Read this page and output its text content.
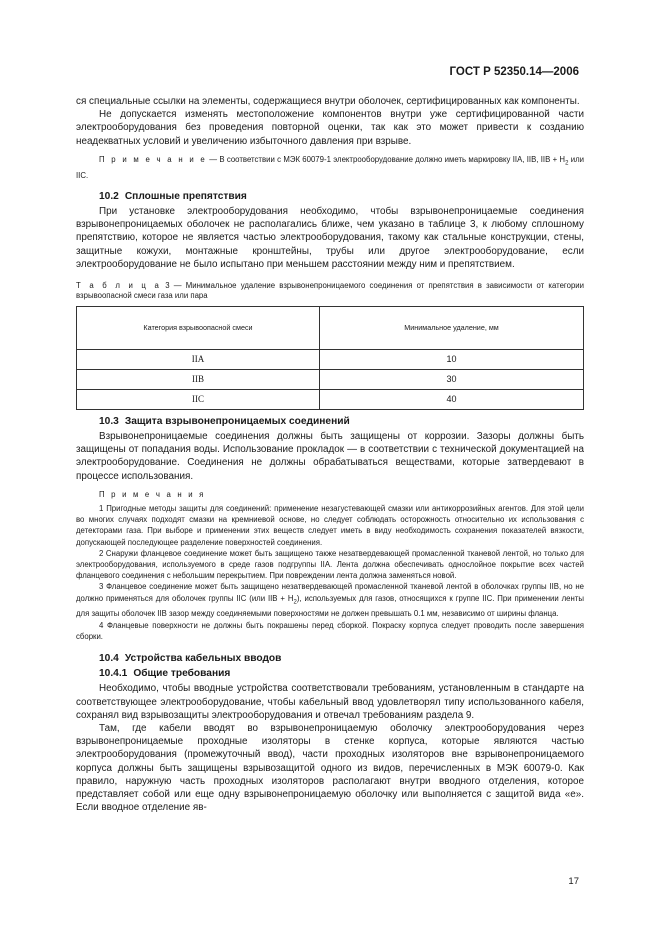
ГОСТ Р 52350.14—2006

ся специальные ссылки на элементы, содержащиеся внутри оболочек, сертифицированных как компоненты.

Не допускается изменять местоположение компонентов внутри уже сертифицированной части электрооборудования без проведения повторной оценки, так как это может привести к созданию неадекватных условий и увеличению избыточного давления при взрыве.

П р и м е ч а н и е — В соответствии с МЭК 60079-1 электрооборудование должно иметь маркировку IIA, IIB, IIB + $H_2$ или IIC.

10.2 Сплошные препятствия

При установке электрооборудования необходимо, чтобы взрывонепроницаемые соединения взрывонепроницаемых оболочек не располагались ближе, чем указано в таблице 3, к любому сплошному препятствию, которое не является частью электрооборудования, такому как стальные конструкции, стены, защитные кожухи, монтажные кронштейны, трубы или другое электрооборудование, если электрооборудование не было испытано при меньшем расстоянии между ним и препятствием.

Т а б л и ц а 3 — Минимальное удаление взрывонепроницаемого соединения от препятствия в зависимости от категории взрывоопасной смеси газа или пара

Категория взрывоопасной смеси	Минимальное удаление, мм
IIA	10
IIB	30
IIC	40

10.3 Защита взрывонепроницаемых соединений

Взрывонепроницаемые соединения должны быть защищены от коррозии. Зазоры должны быть защищены от попадания воды. Использование прокладок — в соответствии с технической документацией на электрооборудование. Соединения не должны обрабатываться веществами, которые затвердевают в процессе использования.

П р и м е ч а н и я

1 Пригодные методы защиты для соединений: применение незагустевающей смазки или антикоррозийных агентов. Для этой цели во многих случаях подходят смазки на кремниевой основе, но следует соблюдать осторожность относительно их использования с детекторами газа. При выборе и применении этих веществ следует иметь в виду необходимость сохранения показателей вязкости, допускающей последующее разделение поверхностей соединения.

2 Снаружи фланцевое соединение может быть защищено также незатвердевающей промасленной тканевой лентой, но только для электрооборудования, используемого в среде газов подгруппы IIA. Лента должна обеспечивать однослойное покрытие всех частей фланцевого соединения с небольшим перекрытием. При повреждении лента должна заменяться новой.

3 Фланцевое соединение может быть защищено незатвердевающей промасленной тканевой лентой в оболочках группы IIB, но не должно применяться для оболочек группы IIC (или IIB + $H_2$), используемых для газов, относящихся к группе IIC. При применении ленты для защиты оболочек IIB зазор между соединяемыми поверхностями не должен превышать 0.1 мм, независимо от ширины фланца.

4 Фланцевые поверхности не должны быть покрашены перед сборкой. Покраску корпуса следует проводить после завершения сборки.

10.4 Устройства кабельных вводов

10.4.1 Общие требования

Необходимо, чтобы вводные устройства соответствовали требованиям, установленным в стандарте на соответствующее электрооборудование, чтобы кабельный ввод удовлетворял типу использованного кабеля, сохранял вид взрывозащиты электрооборудования и отвечал требованиям раздела 9.

Там, где кабели вводят во взрывонепроницаемую оболочку электрооборудования через взрывонепроницаемые проходные изоляторы в стенке корпуса, которые являются частью электрооборудования (промежуточный ввод), части проходных изоляторов вне взрывонепроницаемого корпуса должны быть защищены взрывозащитой одного из видов, перечисленных в МЭК 60079-0. Как правило, наружную часть проходных изоляторов располагают внутри вводного отделения, которое представляет собой или еще одну взрывонепроницаемую оболочку или выполняется с защитой вида «е». Если вводное отделение яв-

17
